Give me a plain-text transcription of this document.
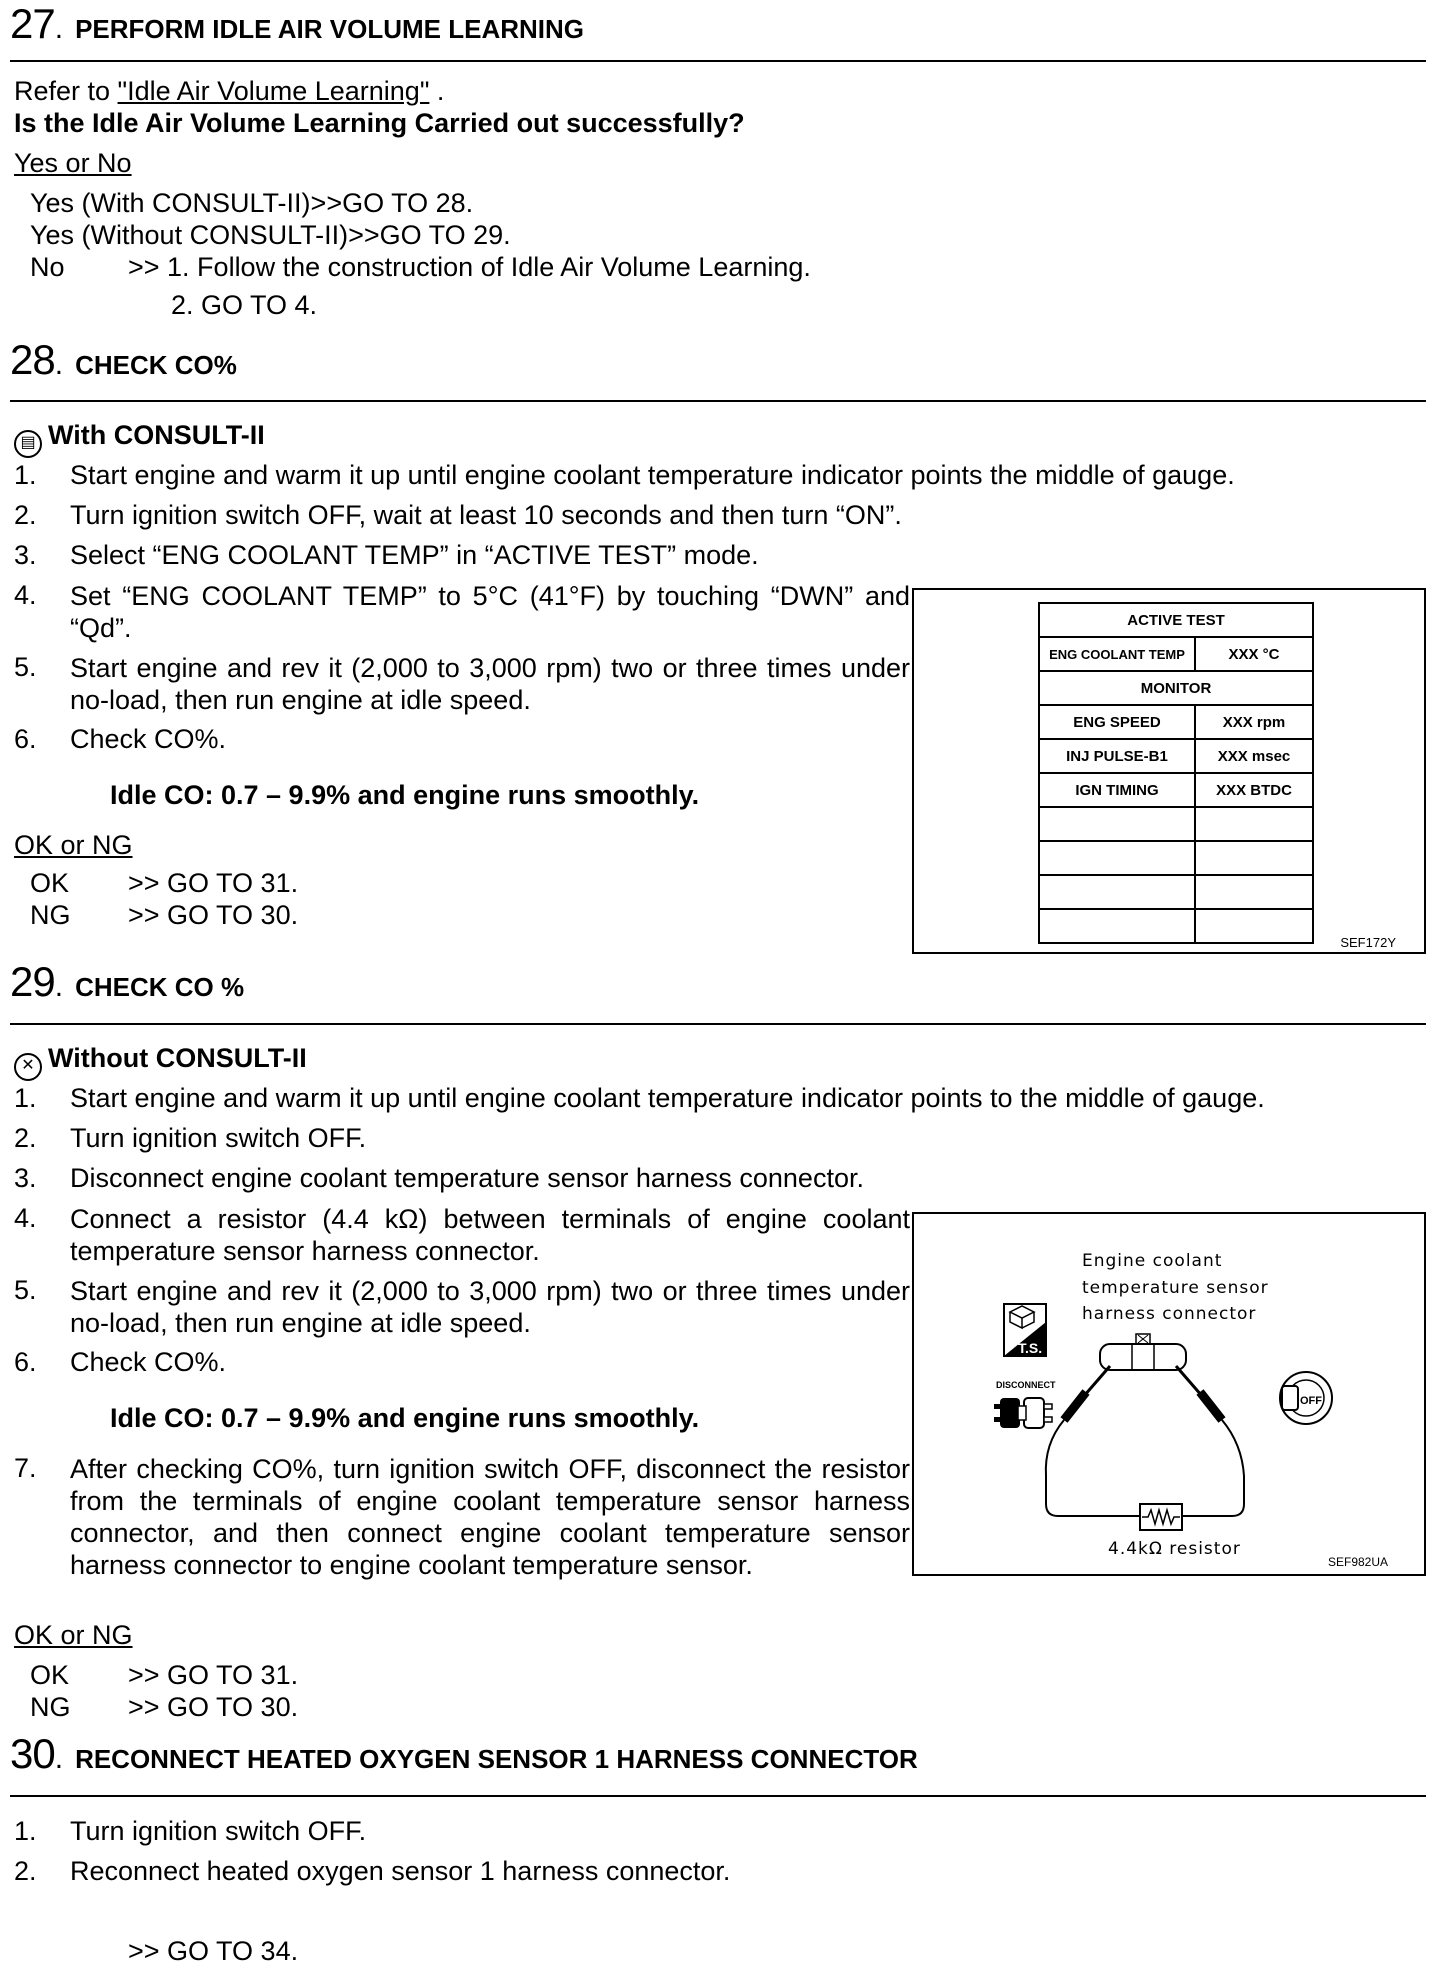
27 . PERFORM IDLE AIR VOLUME LEARNING
Refer to "Idle Air Volume Learning" .
Is the Idle Air Volume Learning Carried out successfully?
Yes or No
Yes (With CONSULT-II)>>GO TO 28.
Yes (Without CONSULT-II)>>GO TO 29.
No >> 1. Follow the construction of Idle Air Volume Learning.
2. GO TO 4.
28 . CHECK CO%
▤ With CONSULT-II
1. Start engine and warm it up until engine coolant temperature indicator points the middle of gauge.
2. Turn ignition switch OFF, wait at least 10 seconds and then turn “ON”.
3. Select “ENG COOLANT TEMP” in “ACTIVE TEST” mode.
4. Set “ENG COOLANT TEMP” to 5°C (41°F) by touching “DWN” and “Qd”.
5. Start engine and rev it (2,000 to 3,000 rpm) two or three times under no-load, then run engine at idle speed.
6. Check CO%.
Idle CO: 0.7 – 9.9% and engine runs smoothly.
OK or NG
OK >> GO TO 31.
NG >> GO TO 30.
ACTIVE TEST	
ENG COOLANT TEMP	XXX °C
MONITOR	
ENG SPEED	XXX rpm
INJ PULSE-B1	XXX msec
IGN TIMING	XXX BTDC

SEF172Y
29 . CHECK CO %
✕ Without CONSULT-II
1. Start engine and warm it up until engine coolant temperature indicator points to the middle of gauge.
2. Turn ignition switch OFF.
3. Disconnect engine coolant temperature sensor harness connector.
4. Connect a resistor (4.4 kΩ) between terminals of engine coolant temperature sensor harness connector.
5. Start engine and rev it (2,000 to 3,000 rpm) two or three times under no-load, then run engine at idle speed.
6. Check CO%.
Idle CO: 0.7 – 9.9% and engine runs smoothly.
7. After checking CO%, turn ignition switch OFF, disconnect the resistor from the terminals of engine coolant temperature sensor harness connector, and then connect engine coolant temperature sensor harness connector to engine coolant temperature sensor.
OK or NG
OK >> GO TO 31.
NG >> GO TO 30.
Engine coolant
temperature sensor
harness connector
T.S.
DISCONNECT
4.4kΩ resistor
OFF
SEF982UA
30 . RECONNECT HEATED OXYGEN SENSOR 1 HARNESS CONNECTOR
1. Turn ignition switch OFF.
2. Reconnect heated oxygen sensor 1 harness connector.
>> GO TO 34.
